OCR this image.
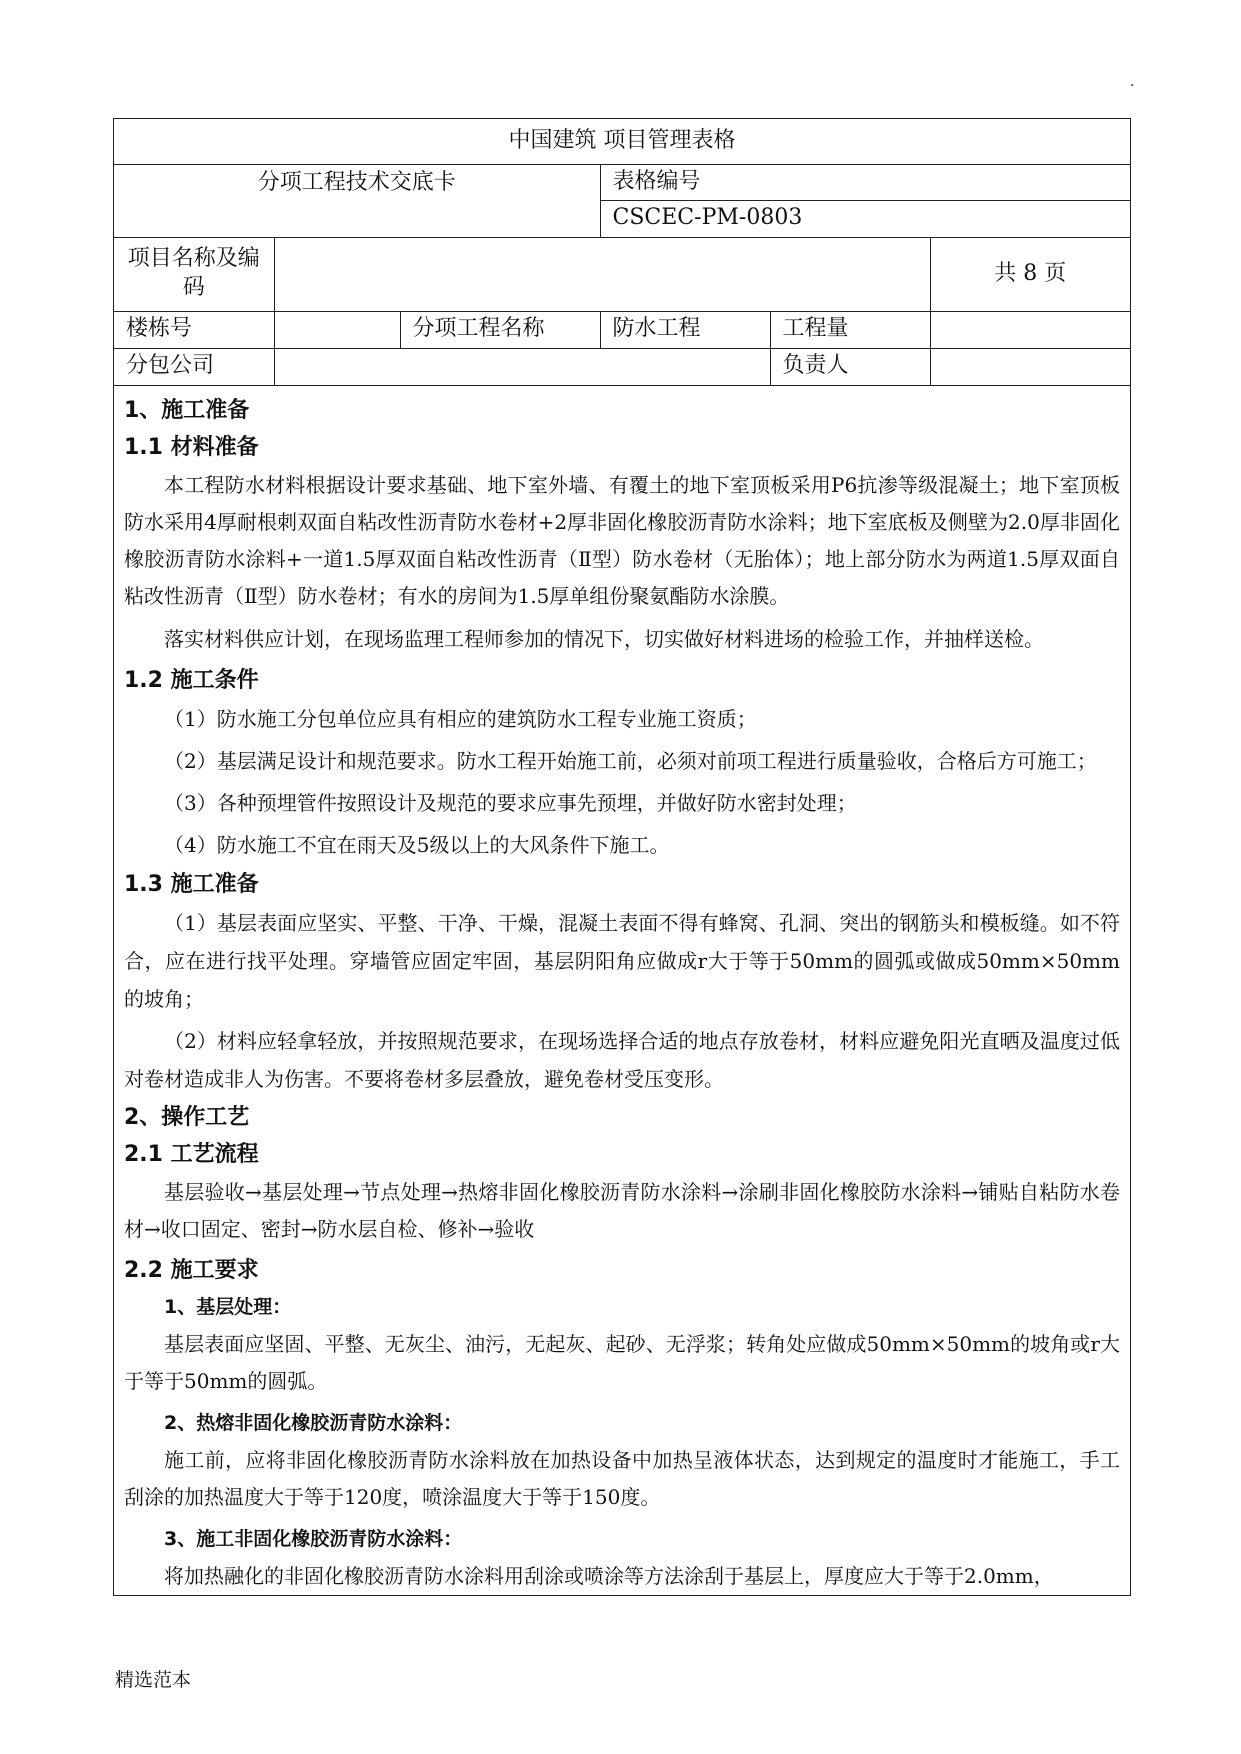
·
中国建筑 项目管理表格					
分项工程技术交底卡			表格编号		
			CSCEC-PM-0803		
项目名称及编码					共 8 页
楼栋号		分项工程名称	防水工程	工程量	
分包公司				负责人	
1、施工准备
1.1 材料准备

本工程防水材料根据设计要求基础、地下室外墙、有覆土的地下室顶板采用P6抗渗等级混凝土；地下室顶板防水采用4厚耐根刺双面自粘改性沥青防水卷材+2厚非固化橡胶沥青防水涂料；地下室底板及侧壁为2.0厚非固化橡胶沥青防水涂料+一道1.5厚双面自粘改性沥青（Ⅱ型）防水卷材（无胎体）；地上部分防水为两道1.5厚双面自粘改性沥青（Ⅱ型）防水卷材；有水的房间为1.5厚单组份聚氨酯防水涂膜。

落实材料供应计划，在现场监理工程师参加的情况下，切实做好材料进场的检验工作，并抽样送检。

1.2 施工条件

（1）防水施工分包单位应具有相应的建筑防水工程专业施工资质；

（2）基层满足设计和规范要求。防水工程开始施工前，必须对前项工程进行质量验收，合格后方可施工；

（3）各种预埋管件按照设计及规范的要求应事先预埋，并做好防水密封处理；

（4）防水施工不宜在雨天及5级以上的大风条件下施工。

1.3 施工准备

（1）基层表面应坚实、平整、干净、干燥，混凝土表面不得有蜂窝、孔洞、突出的钢筋头和模板缝。如不符合，应在进行找平处理。穿墙管应固定牢固，基层阴阳角应做成r大于等于50mm的圆弧或做成50mm×50mm的坡角；

（2）材料应轻拿轻放，并按照规范要求，在现场选择合适的地点存放卷材，材料应避免阳光直晒及温度过低对卷材造成非人为伤害。不要将卷材多层叠放，避免卷材受压变形。

2、操作工艺
2.1 工艺流程

基层验收→基层处理→节点处理→热熔非固化橡胶沥青防水涂料→涂刷非固化橡胶防水涂料→铺贴自粘防水卷材→收口固定、密封→防水层自检、修补→验收

2.2 施工要求
1、基层处理：

基层表面应坚固、平整、无灰尘、油污，无起灰、起砂、无浮浆；转角处应做成50mm×50mm的坡角或r大于等于50mm的圆弧。

2、热熔非固化橡胶沥青防水涂料：

施工前，应将非固化橡胶沥青防水涂料放在加热设备中加热呈液体状态，达到规定的温度时才能施工，手工刮涂的加热温度大于等于120度，喷涂温度大于等于150度。

3、施工非固化橡胶沥青防水涂料：

将加热融化的非固化橡胶沥青防水涂料用刮涂或喷涂等方法涂刮于基层上，厚度应大于等于2.0mm，

精选范本
